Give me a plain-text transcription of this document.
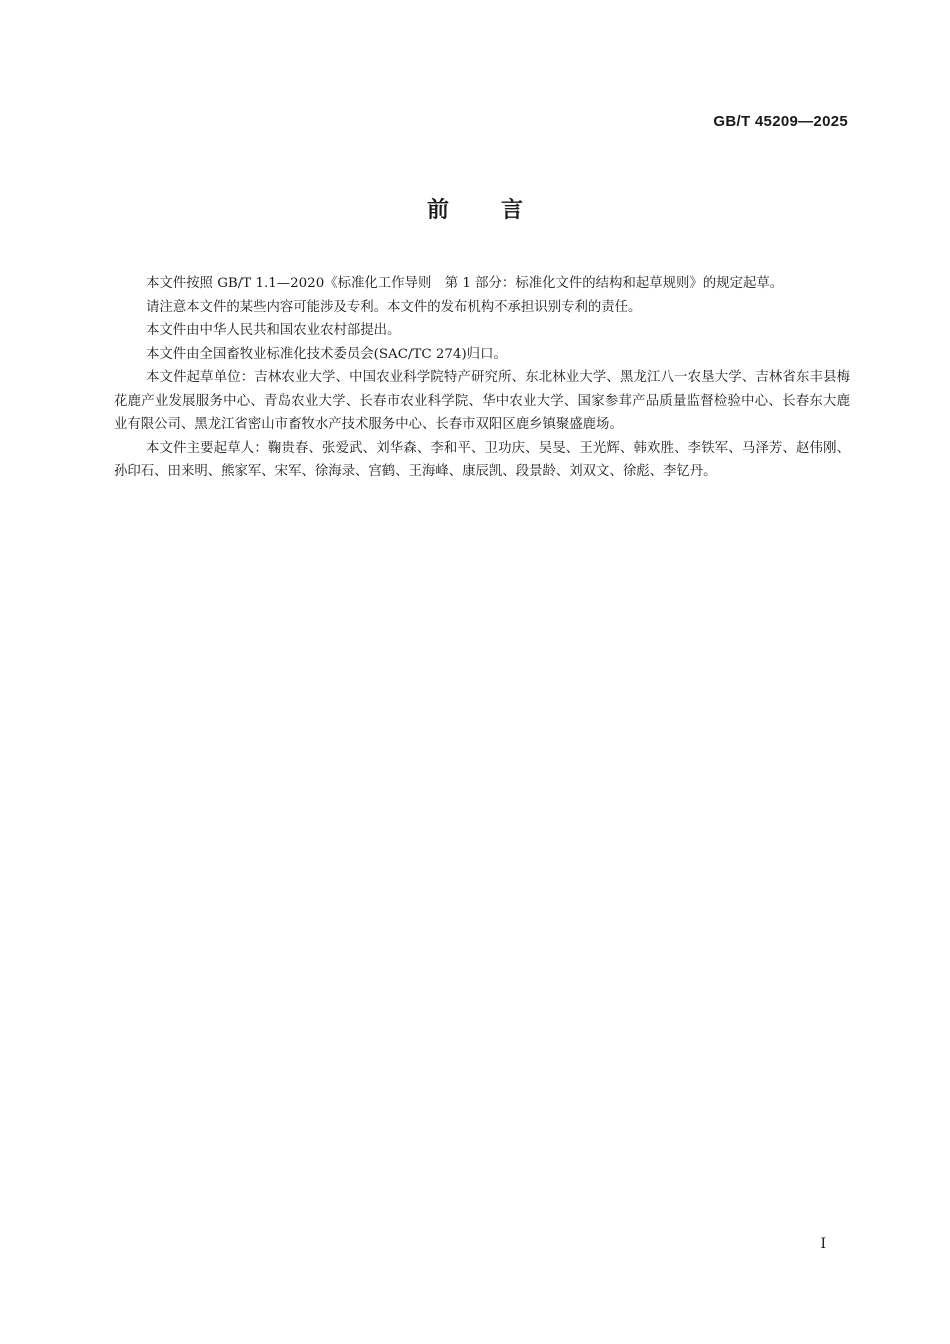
GB/T 45209—2025
前言

本文件按照 GB/T 1.1—2020《标准化工作导则　第 1 部分：标准化文件的结构和起草规则》的规定起草。

请注意本文件的某些内容可能涉及专利。本文件的发布机构不承担识别专利的责任。

本文件由中华人民共和国农业农村部提出。

本文件由全国畜牧业标准化技术委员会(SAC/TC 274)归口。

本文件起草单位：吉林农业大学、中国农业科学院特产研究所、东北林业大学、黑龙江八一农垦大学、吉林省东丰县梅花鹿产业发展服务中心、青岛农业大学、长春市农业科学院、华中农业大学、国家参茸产品质量监督检验中心、长春东大鹿业有限公司、黑龙江省密山市畜牧水产技术服务中心、长春市双阳区鹿乡镇聚盛鹿场。

本文件主要起草人：鞠贵春、张爱武、刘华森、李和平、卫功庆、吴旻、王光辉、韩欢胜、李铁军、马泽芳、赵伟刚、孙印石、田来明、熊家军、宋军、徐海录、宫鹤、王海峰、康辰凯、段景龄、刘双文、徐彪、李钇丹。

I
